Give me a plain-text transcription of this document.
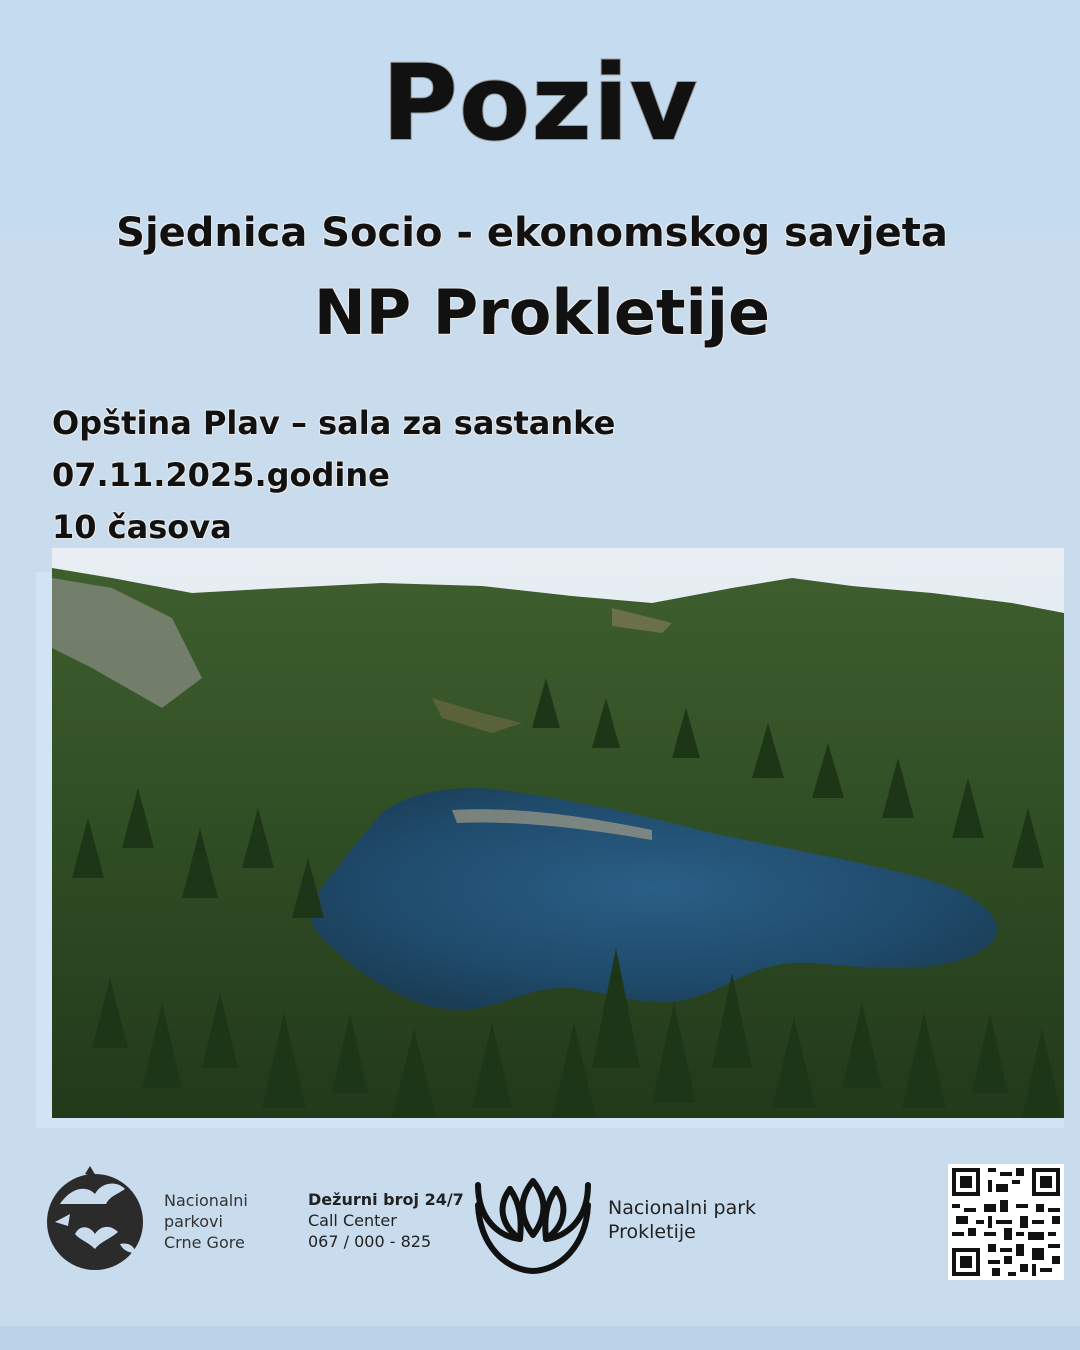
Poziv
Sjednica Socio - ekonomskog savjeta
NP Prokletije
Opština Plav – sala za sastanke
07.11.2025.godine
10 časova
Nacionalni
parkovi
Crne Gore
Dežurni broj 24/7
Call Center
067 / 000 - 825
Nacionalni park
Prokletije
